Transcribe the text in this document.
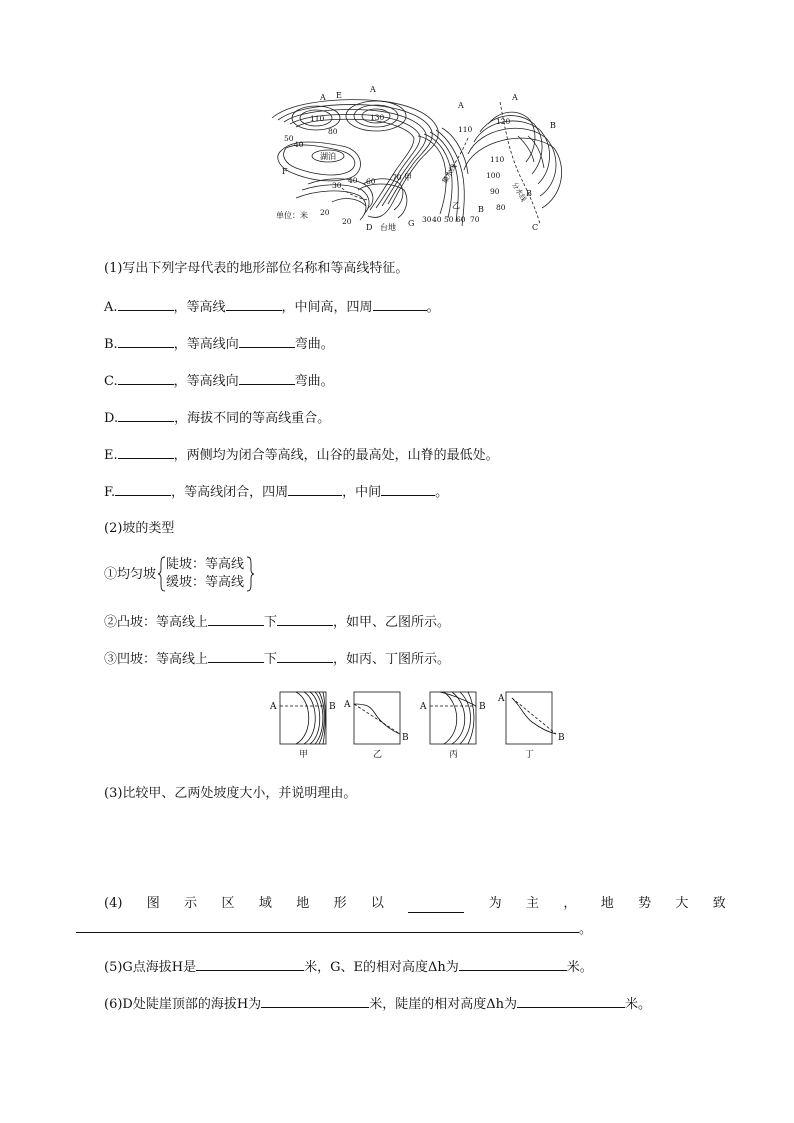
湖泊
甲
乙
台地
集水线
分水线
A E
A
A
A
B
F
D	G
B
B
C
110	130
80
50
40
110
120
110
100
90
80
30
40 60 70
20
20	30 40 50 60 70
单位：米
(1)写出下列字母代表的地形部位名称和等高线特征。
A.	，等高线	，中间高，四周	。
B.	，等高线向	弯曲。
C.	，等高线向	弯曲。
D.	，海拔不同的等高线重合。
E.	，两侧均为闭合等高线，山谷的最高处，山脊的最低处。
F.	，等高线闭合，四周	，中间	。
(2)坡的类型
①均匀坡
陡坡：等高线
缓坡：等高线
②凸坡：等高线上	下	，如甲、乙图所示。
③凹坡：等高线上	下	，如丙、丁图所示。
A	B
甲
A
B
乙
A	B
丙
A
B
丁
(3)比较甲、乙两处坡度大小，并说明理由。
(4) 图 示 区 域 地 形 以	为 主 ， 地 势 大 致
。
(5)G点海拔H是	米，G、E的相对高度Δh为	米。
(6)D处陡崖顶部的海拔H为	米，陡崖的相对高度Δh为	米。
